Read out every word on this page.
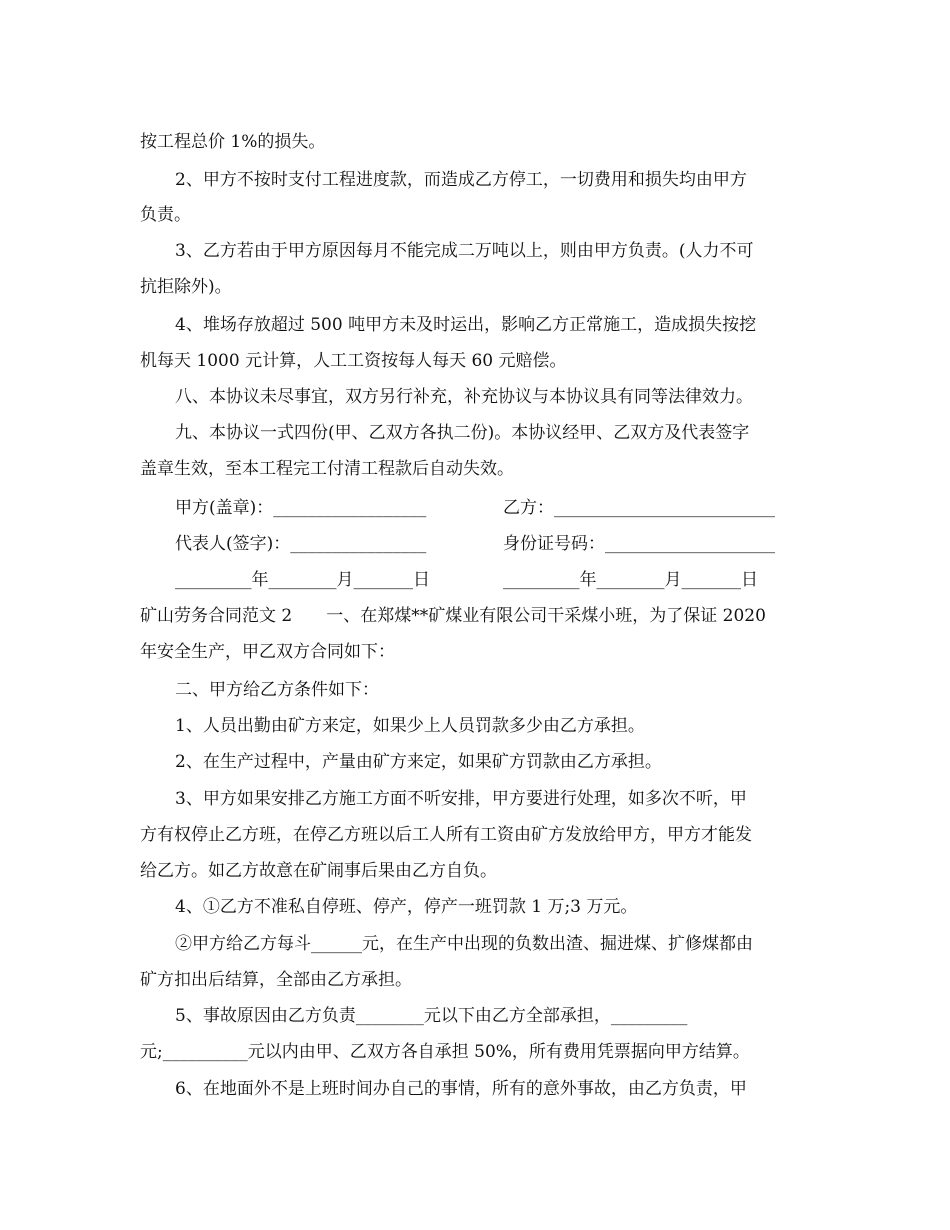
按工程总价 1%的损失。
2、甲方不按时支付工程进度款，而造成乙方停工，一切费用和损失均由甲方
负责。
3、乙方若由于甲方原因每月不能完成二万吨以上，则由甲方负责。(人力不可
抗拒除外)。
4、堆场存放超过 500 吨甲方未及时运出，影响乙方正常施工，造成损失按挖
机每天 1000 元计算，人工工资按每人每天 60 元赔偿。
八、本协议未尽事宜，双方另行补充，补充协议与本协议具有同等法律效力。
九、本协议一式四份(甲、乙双方各执二份)。本协议经甲、乙双方及代表签字
盖章生效，至本工程完工付清工程款后自动失效。
甲方(盖章)：__________________	乙方：__________________________
代表人(签字)：________________	身份证号码：____________________
_________年________月_______日	_________年________月_______日
矿山劳务合同范文 2　　一、在郑煤**矿煤业有限公司干采煤小班，为了保证 2020
年安全生产，甲乙双方合同如下：
二、甲方给乙方条件如下：
1、人员出勤由矿方来定，如果少上人员罚款多少由乙方承担。
2、在生产过程中，产量由矿方来定，如果矿方罚款由乙方承担。
3、甲方如果安排乙方施工方面不听安排，甲方要进行处理，如多次不听，甲
方有权停止乙方班，在停乙方班以后工人所有工资由矿方发放给甲方，甲方才能发
给乙方。如乙方故意在矿闹事后果由乙方自负。
4、①乙方不准私自停班、停产，停产一班罚款 1 万;3 万元。
②甲方给乙方每斗______元，在生产中出现的负数出渣、掘进煤、扩修煤都由
矿方扣出后结算，全部由乙方承担。
5、事故原因由乙方负责________元以下由乙方全部承担，_________
元;__________元以内由甲、乙双方各自承担 50%，所有费用凭票据向甲方结算。
6、在地面外不是上班时间办自己的事情，所有的意外事故，由乙方负责，甲
